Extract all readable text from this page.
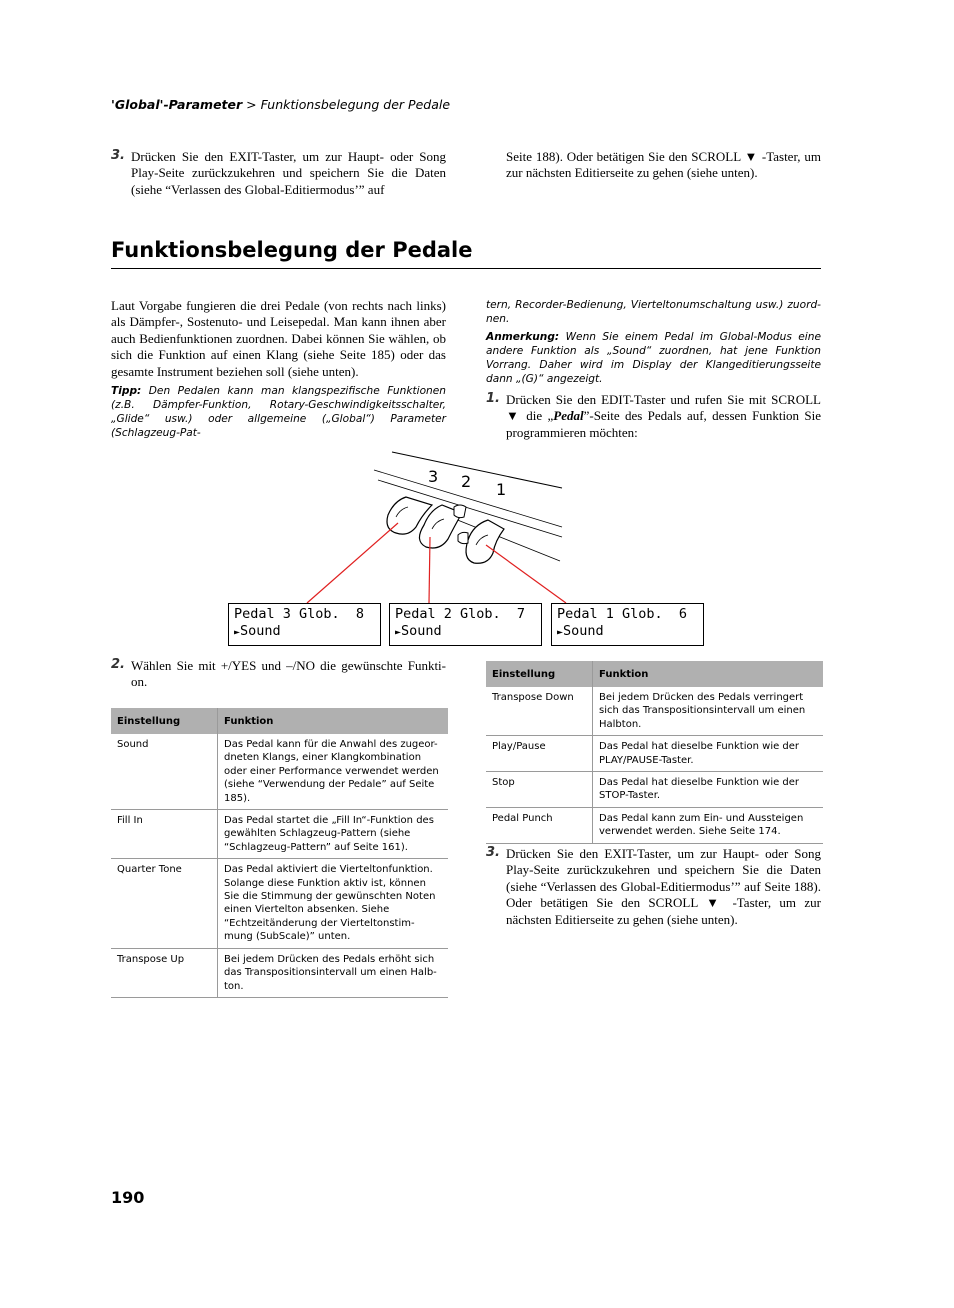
'Global'-Parameter > Funktionsbelegung der Pedale
3. Drücken Sie den EXIT-Taster, um zur Haupt- oder Song Play-Seite zurückzukehren und speichern Sie die Daten (siehe “Verlassen des Global-Editiermodus’” auf
Seite 188). Oder betätigen Sie den SCROLL ▼ -Taster, um zur nächsten Editierseite zu gehen (siehe unten).
Funktionsbelegung der Pedale
Laut Vorgabe fungieren die drei Pedale (von rechts nach links) als Dämpfer-, Sostenuto- und Leisepedal. Man kann ihnen aber auch Bedienfunktionen zuordnen. Dabei können Sie wählen, ob sich die Funktion auf einen Klang (siehe Seite 185) oder das gesamte Instrument beziehen soll (siehe unten).
Tipp: Den Pedalen kann man klangspezifische Funktionen (z.B. Dämpfer-Funktion, Rotary-Geschwindigkeitsschalter, „Glide“ usw.) oder allgemeine („Global“) Parameter (Schlagzeug-Pat-
tern, Recorder-Bedienung, Vierteltonumschaltung usw.) zuord-nen.
Anmerkung: Wenn Sie einem Pedal im Global-Modus eine andere Funktion als „Sound“ zuordnen, hat jene Funktion Vorrang. Daher wird im Display der Klangeditierungsseite dann „(G)“ angezeigt.
1. Drücken Sie den EDIT-Taster und rufen Sie mit SCROLL ▼ die „Pedal”-Seite des Pedals auf, dessen Funktion Sie programmieren möchten:
3 2 1
Pedal 3 Glob.  8
►Sound
Pedal 2 Glob.  7
►Sound
Pedal 1 Glob.  6
►Sound
2. Wählen Sie mit +/YES und –/NO die gewünschte Funkti-on.
Einstellung	Funktion
Sound	Das Pedal kann für die Anwahl des zugeor-dneten Klangs, einer Klangkombination oder einer Performance verwendet werden (siehe “Verwendung der Pedale” auf Seite 185).
Fill In	Das Pedal startet die „Fill In“-Funktion des gewählten Schlagzeug-Pattern (siehe “Schlagzeug-Pattern” auf Seite 161).
Quarter Tone	Das Pedal aktiviert die Vierteltonfunktion. Solange diese Funktion aktiv ist, können Sie die Stimmung der gewünschten Noten einen Viertelton absenken. Siehe “Echtzeitänderung der Vierteltonstim-mung (SubScale)” unten.
Transpose Up	Bei jedem Drücken des Pedals erhöht sich das Transpositionsintervall um einen Halb-ton.
Einstellung	Funktion
Transpose Down	Bei jedem Drücken des Pedals verringert sich das Transpositionsintervall um einen Halbton.
Play/Pause	Das Pedal hat dieselbe Funktion wie der PLAY/PAUSE-Taster.
Stop	Das Pedal hat dieselbe Funktion wie der STOP-Taster.
Pedal Punch	Das Pedal kann zum Ein- und Aussteigen verwendet werden. Siehe Seite 174.
3. Drücken Sie den EXIT-Taster, um zur Haupt- oder Song Play-Seite zurückzukehren und speichern Sie die Daten (siehe “Verlassen des Global-Editiermodus’” auf Seite 188). Oder betätigen Sie den SCROLL ▼ -Taster, um zur nächsten Editierseite zu gehen (siehe unten).
190
